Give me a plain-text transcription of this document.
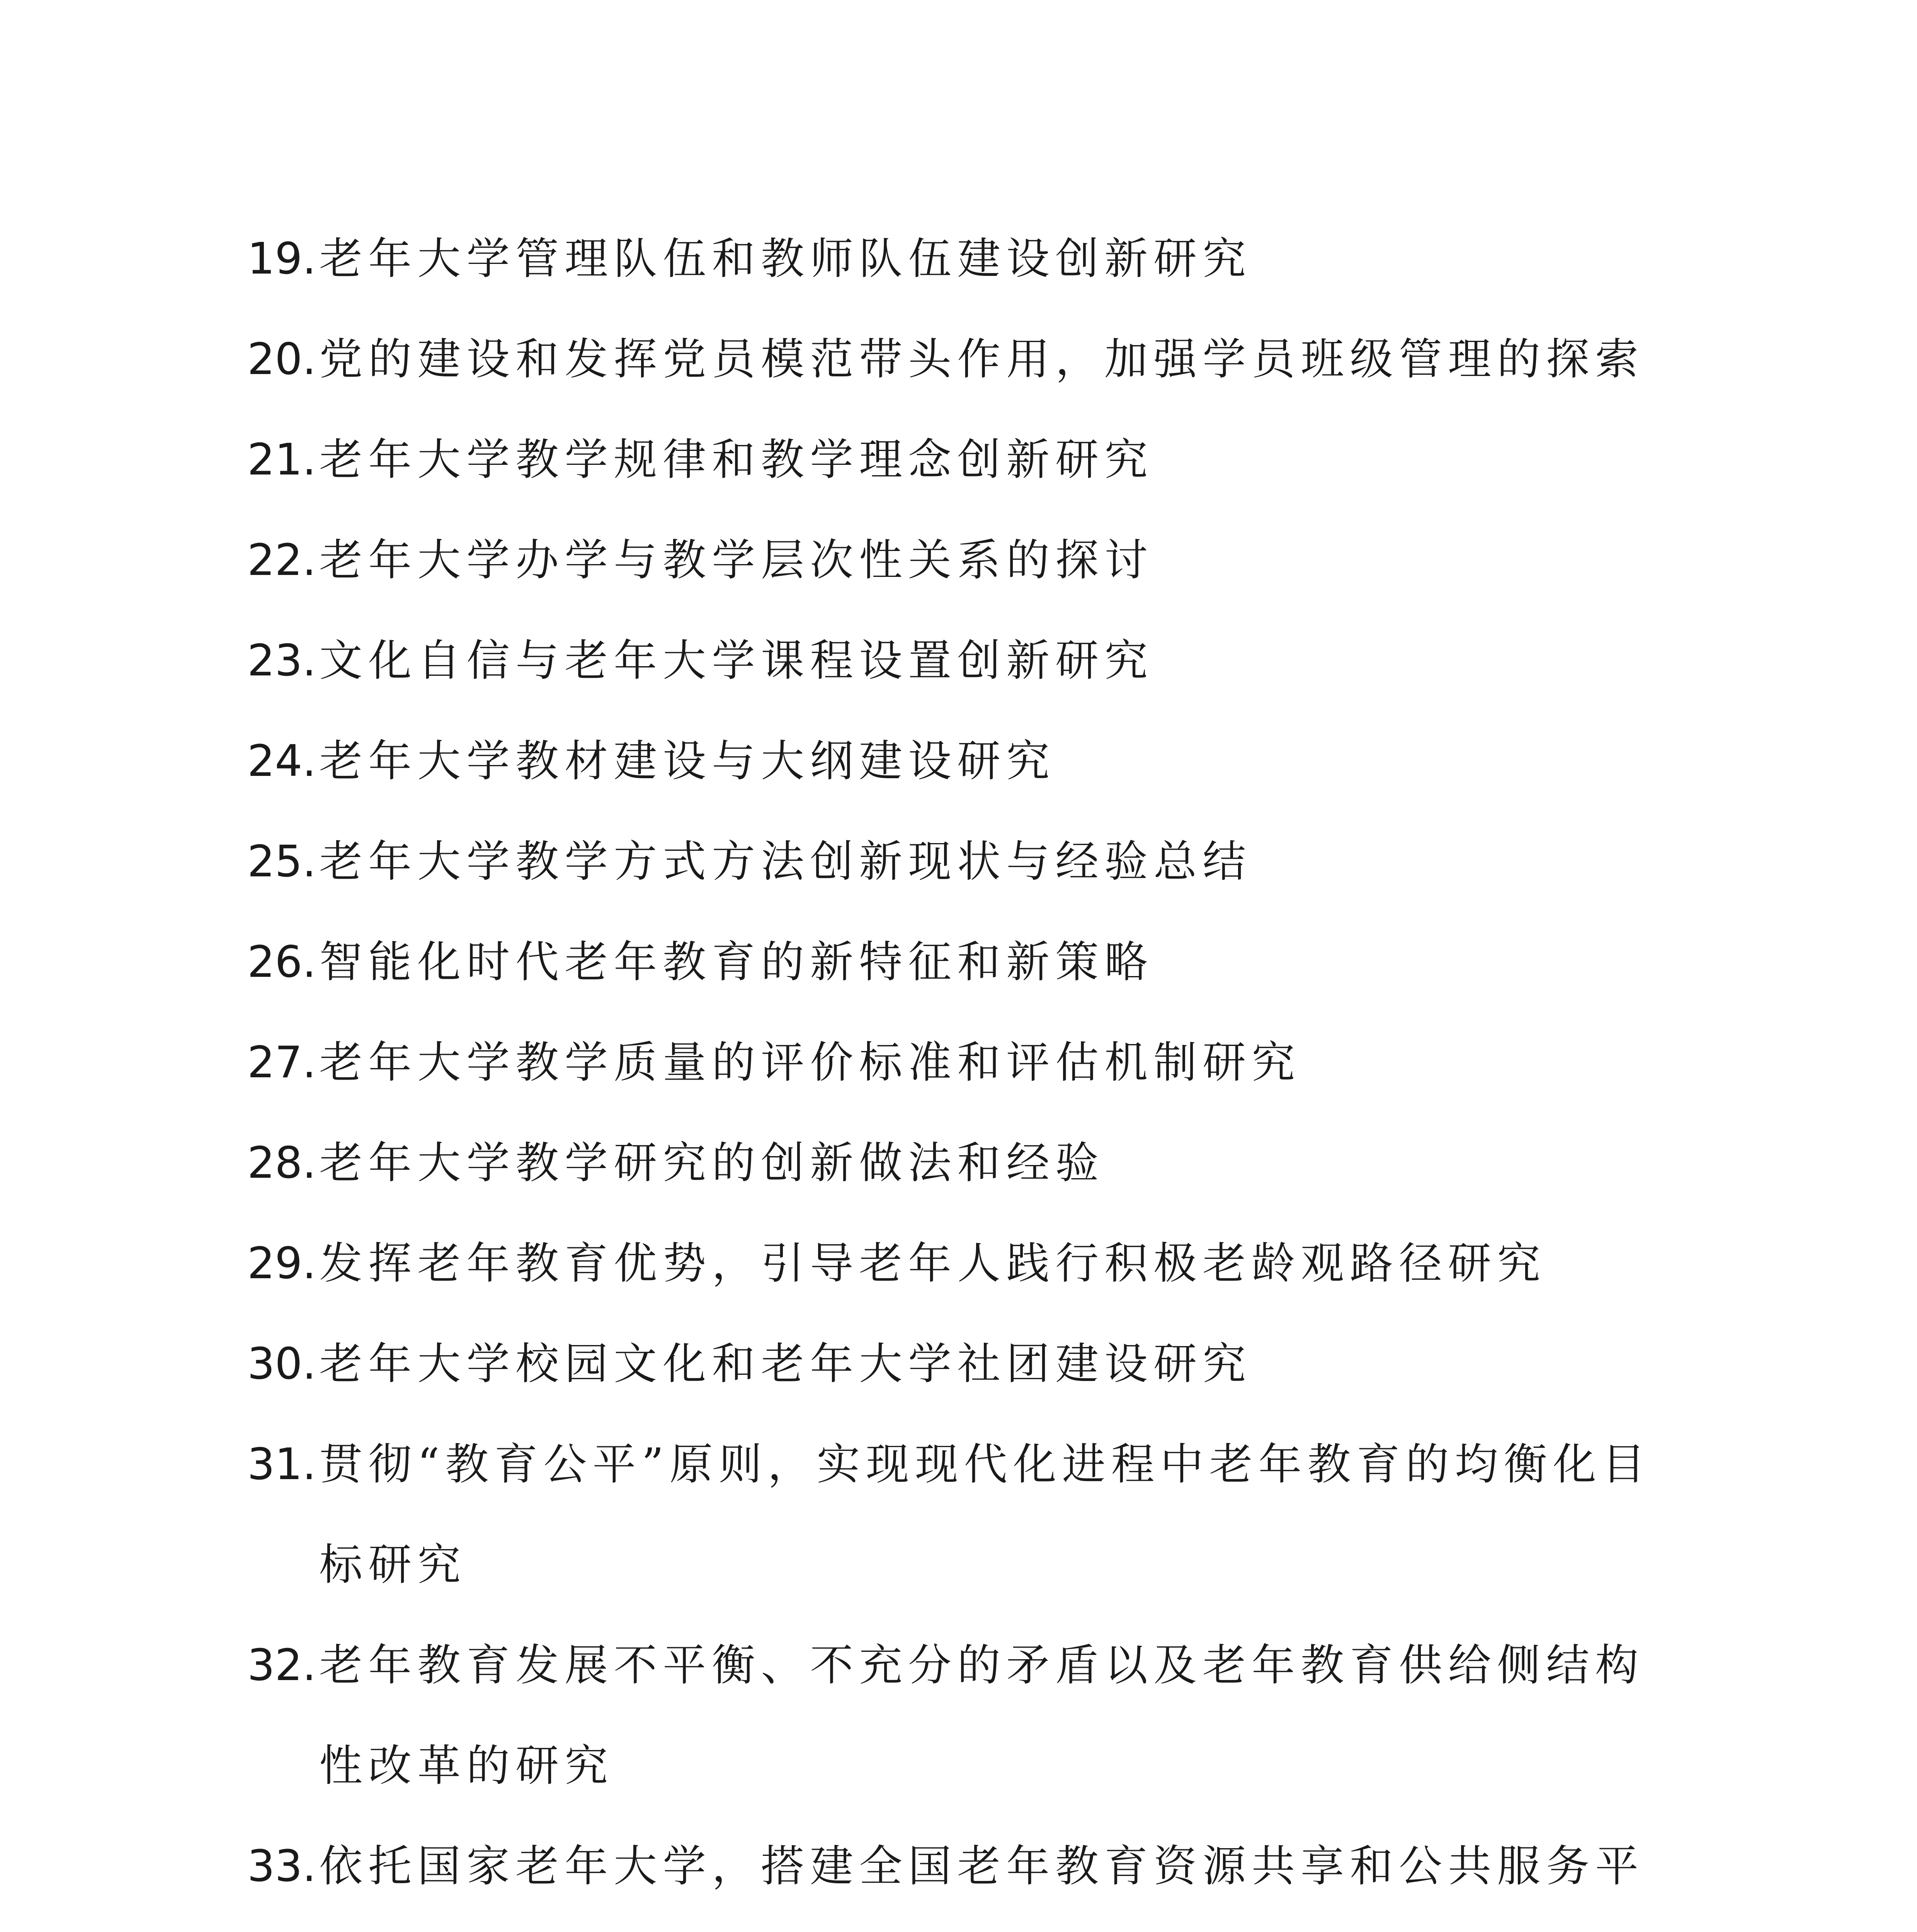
19. 老年大学管理队伍和教师队伍建设创新研究
20. 党的建设和发挥党员模范带头作用，加强学员班级管理的探索
21. 老年大学教学规律和教学理念创新研究
22. 老年大学办学与教学层次性关系的探讨
23. 文化自信与老年大学课程设置创新研究
24. 老年大学教材建设与大纲建设研究
25. 老年大学教学方式方法创新现状与经验总结
26. 智能化时代老年教育的新特征和新策略
27. 老年大学教学质量的评价标准和评估机制研究
28. 老年大学教学研究的创新做法和经验
29. 发挥老年教育优势，引导老年人践行积极老龄观路径研究
30. 老年大学校园文化和老年大学社团建设研究
31. 贯彻“教育公平”原则，实现现代化进程中老年教育的均衡化目标研究
32. 老年教育发展不平衡、不充分的矛盾以及老年教育供给侧结构性改革的研究
33. 依托国家老年大学，搭建全国老年教育资源共享和公共服务平
